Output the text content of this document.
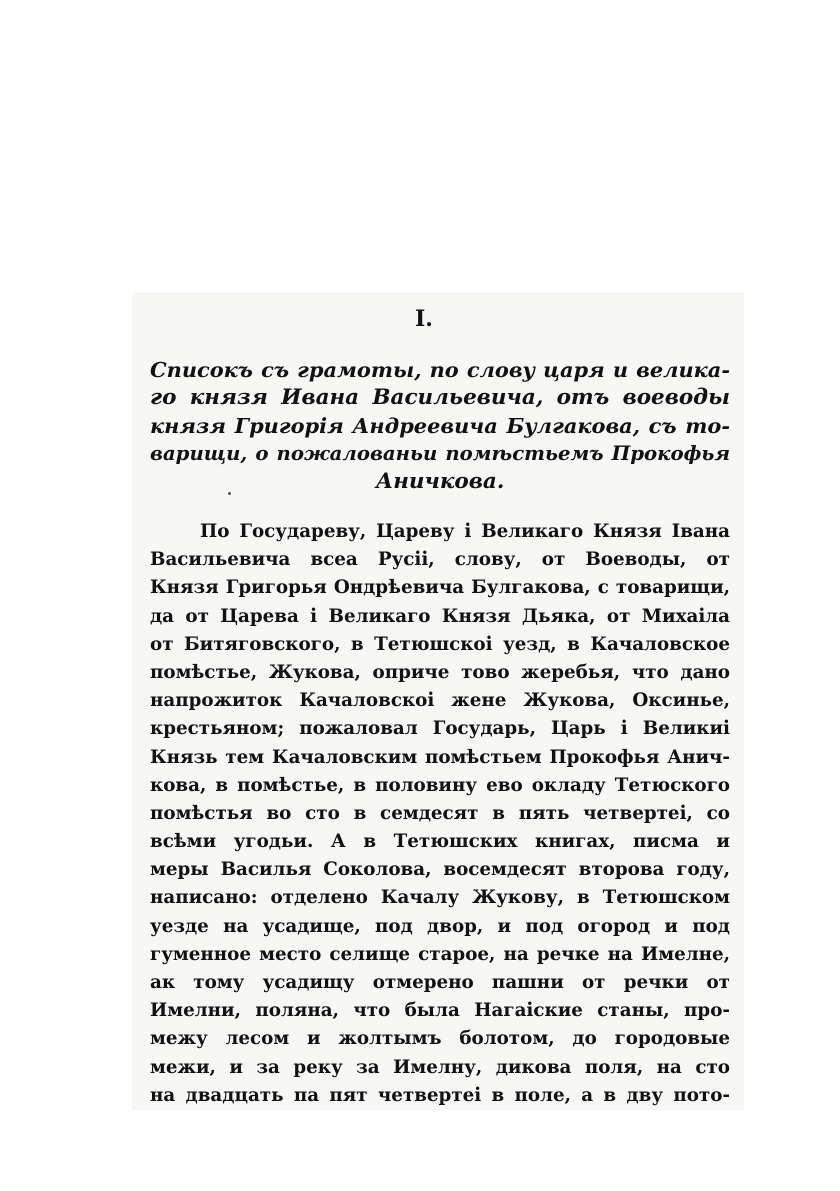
I.
Списокъ съ грамоты, по слову царя и велика-
го князя Ивана Васильевича, отъ воеводы
князя Григорія Андреевича Булгакова, съ то-
варищи, о пожалованьи помѣстьемъ Прокофья
Аничкова.
По Государеву, Цареву і Великаго Князя Івана
Васильевича всеа Русіі, слову, от Воеводы, от
Князя Григорья Ондрѣевича Булгакова, с товарищи,
да от Царева і Великаго Князя Дьяка, от Михаіла
от Битяговского, в Тетюшскоі уезд, в Качаловское
помѣстье, Жукова, опричe тово жеребья, что дано
напрожиток Качаловскоі жене Жукова, Оксинье,
крестьяном; пожаловал Государь, Царь і Великиі
Князь тем Качаловским помѣстьем Прокофья Анич-
кова, в помѣстье, в половину ево окладу Тетюского
помѣстья во сто в семдесят в пять четвертеі, со
всѣми угодьи. А в Тетюшских книгах, писма и
меры Василья Соколова, восемдесят вторoва году,
написано: отделено Качалу Жукову, в Тетюшском
уезде на усадище, под двор, и под огород и под
гуменное место селище старое, на речке на Имелне,
ак тому усадищу отмерено пашни от речки от
Имелни, поляна, что была Нагаіские станы, про-
межу лесом и жолтымъ болотом, до городовые
межи, и за реку за Имелну, дикова поля, на сто
на двадцать па пят четвертеі в поле, а в дву пото-
